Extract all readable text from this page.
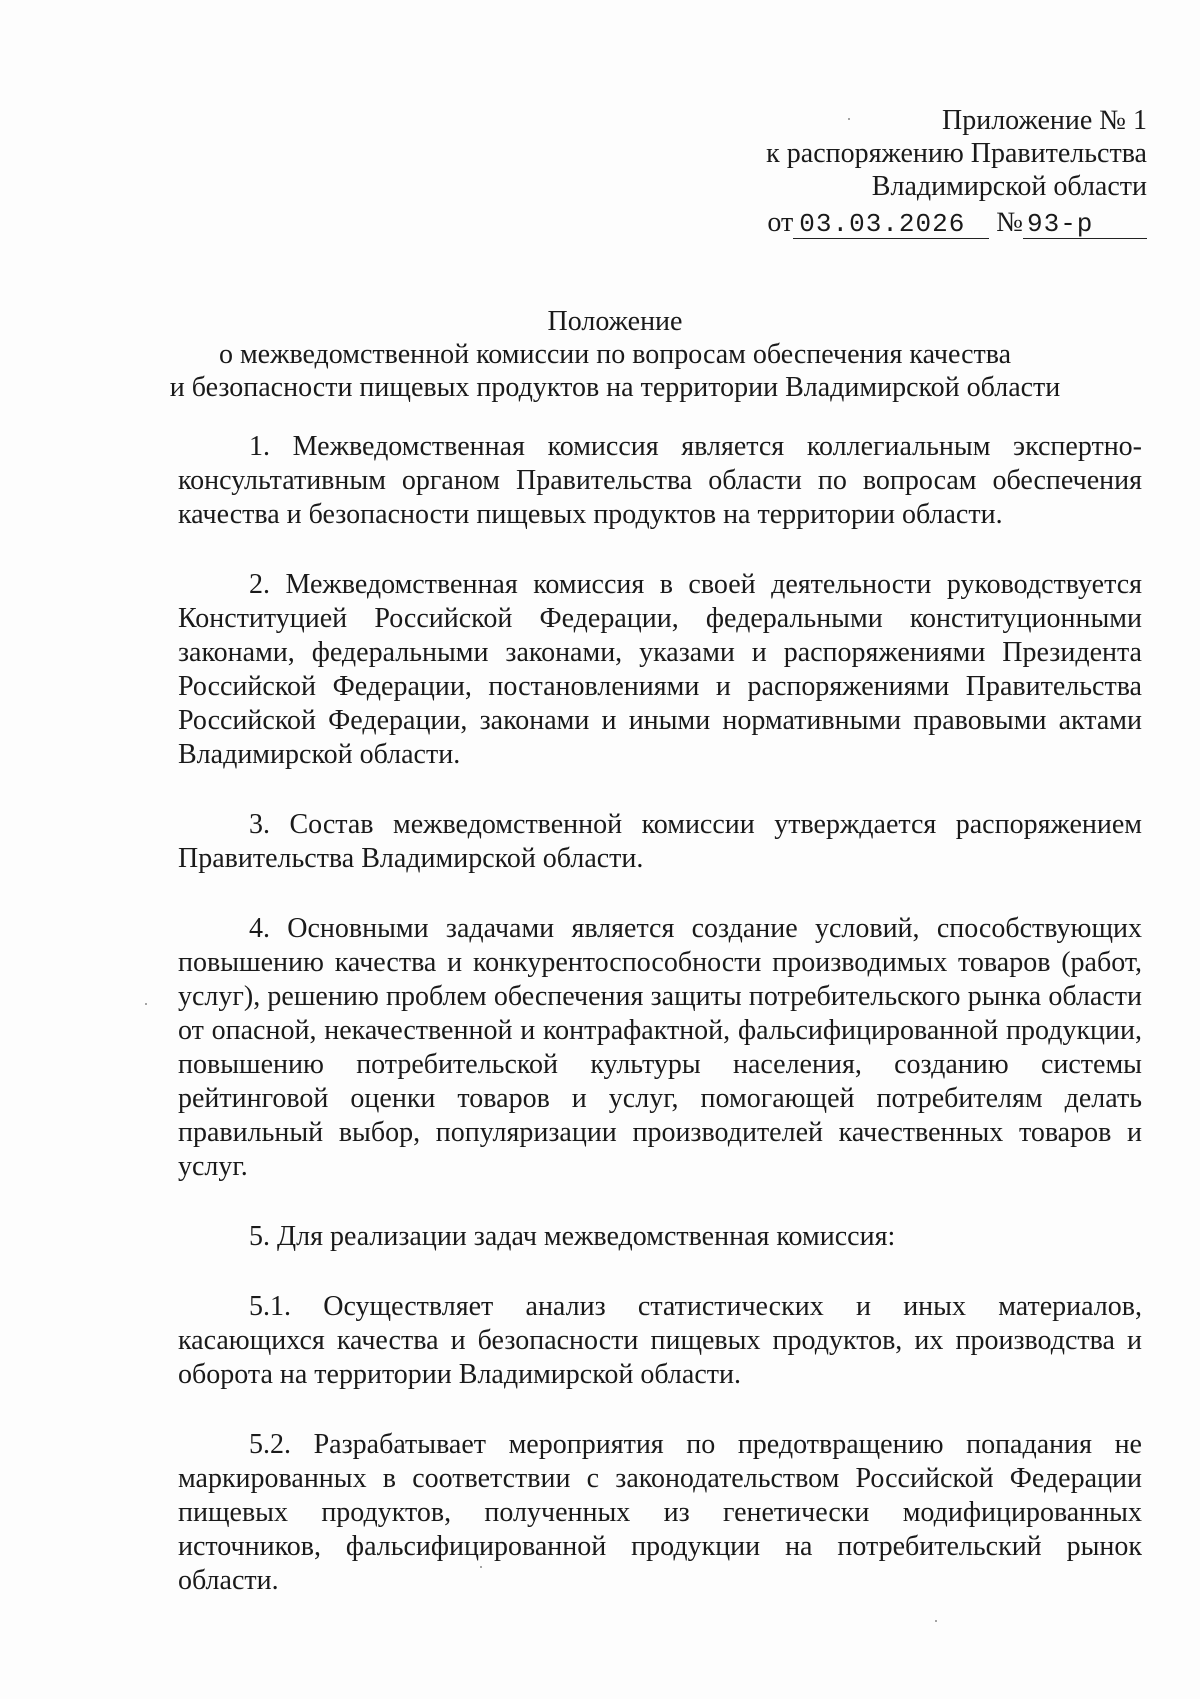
Приложение № 1
к распоряжению Правительства
Владимирской области
от 03.03.2026 № 93-р
Положение
о межведомственной комиссии по вопросам обеспечения качества
и безопасности пищевых продуктов на территории Владимирской области

1. Межведомственная комиссия является коллегиальным экспертно-консультативным органом Правительства области по вопросам обеспечения качества и безопасности пищевых продуктов на территории области.

2. Межведомственная комиссия в своей деятельности руководствуется Конституцией Российской Федерации, федеральными конституционными законами, федеральными законами, указами и распоряжениями Президента Российской Федерации, постановлениями и распоряжениями Правительства Российской Федерации, законами и иными нормативными правовыми актами Владимирской области.

3. Состав межведомственной комиссии утверждается распоряжением Правительства Владимирской области.

4. Основными задачами является создание условий, способствующих повышению качества и конкурентоспособности производимых товаров (работ, услуг), решению проблем обеспечения защиты потребительского рынка области от опасной, некачественной и контрафактной, фальсифицированной продукции, повышению потребительской культуры населения, созданию системы рейтинговой оценки товаров и услуг, помогающей потребителям делать правильный выбор, популяризации производителей качественных товаров и услуг.

5. Для реализации задач межведомственная комиссия:

5.1. Осуществляет анализ статистических и иных материалов, касающихся качества и безопасности пищевых продуктов, их производства и оборота на территории Владимирской области.

5.2. Разрабатывает мероприятия по предотвращению попадания не маркированных в соответствии с законодательством Российской Федерации пищевых продуктов, полученных из генетически модифицированных источников, фальсифицированной продукции на потребительский рынок области.
